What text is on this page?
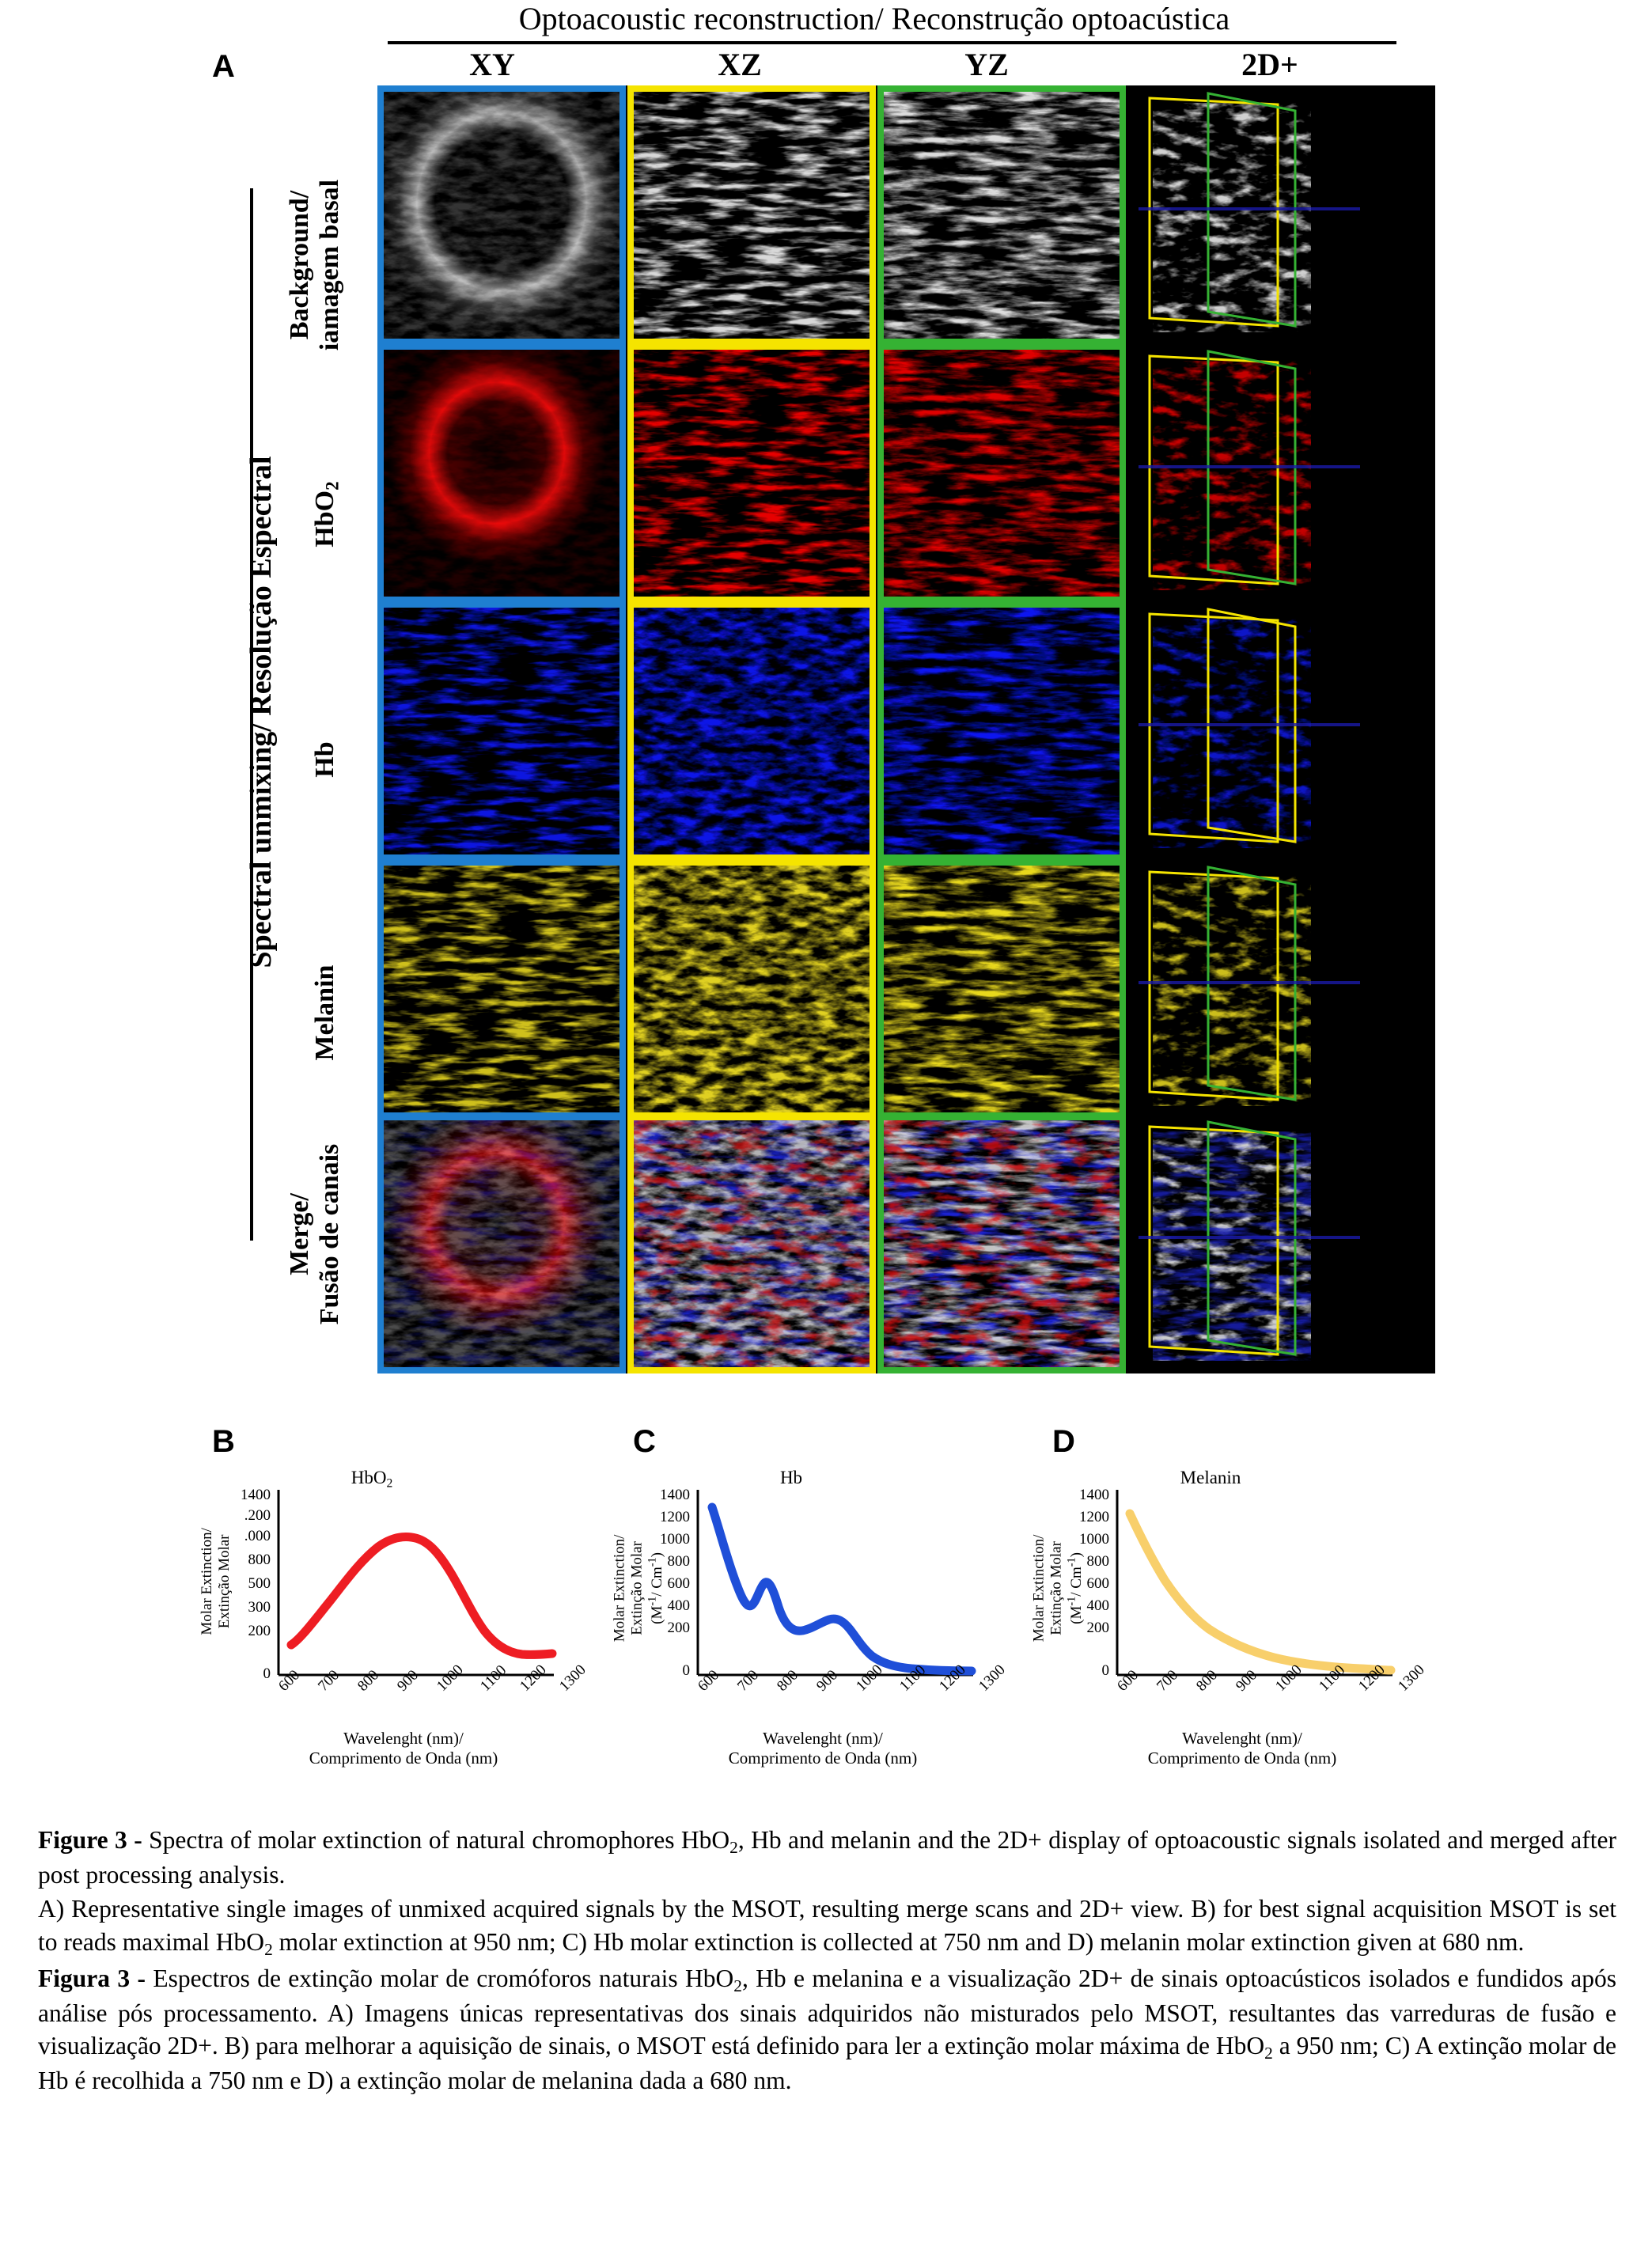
Optoacoustic reconstruction/ Reconstrução optoacústica
A
B	C	D
XY	XZ	YZ	2D+
Spectral unmixing/ Resolução Espectral
Background/ iamagem basal
HbO$_2$
Hb
Melanin
Merge/ Fusão de canais
HbO$_2$
1400
.200
.000
800
500
300
200
0
Molar Extinction/
Extinção Molar
600 700 800 900 1000 1100 1200 1300
Wavelenght (nm)/
Comprimento de Onda (nm)
Hb
1400
1200
1000
800
600
400
200
0
Molar Extinction/
Extinção Molar ($M^{-1}/$ $Cm^{-1}$)
600 700 800 900 1000 1100 1200 1300
Wavelenght (nm)/
Comprimento de Onda (nm)
Melanin
1400
1200
1000
800
600
400
200
0
Molar Extinction/
Extinção Molar ($M^{-1}/$ $Cm^{-1}$)
600 700 800 900 1000 1100 1200 1300
Wavelenght (nm)/
Comprimento de Onda (nm)

Figure 3 - Spectra of molar extinction of natural chromophores HbO$_2$, Hb and melanin and the 2D+ display of optoacoustic signals isolated and merged after post processing analysis.

A) Representative single images of unmixed acquired signals by the MSOT, resulting merge scans and 2D+ view. B) for best signal acquisition MSOT is set to reads maximal HbO$_2$ molar extinction at 950 nm; C) Hb molar extinction is collected at 750 nm and D) melanin molar extinction given at 680 nm.

Figura 3 - Espectros de extinção molar de cromóforos naturais HbO$_2$, Hb e melanina e a visualização 2D+ de sinais optoacústicos isolados e fundidos após análise pós processamento. A) Imagens únicas representativas dos sinais adquiridos não misturados pelo MSOT, resultantes das varreduras de fusão e visualização 2D+. B) para melhorar a aquisição de sinais, o MSOT está definido para ler a extinção molar máxima de HbO$_2$ a 950 nm; C) A extinção molar de Hb é recolhida a 750 nm e D) a extinção molar de melanina dada a 680 nm.
